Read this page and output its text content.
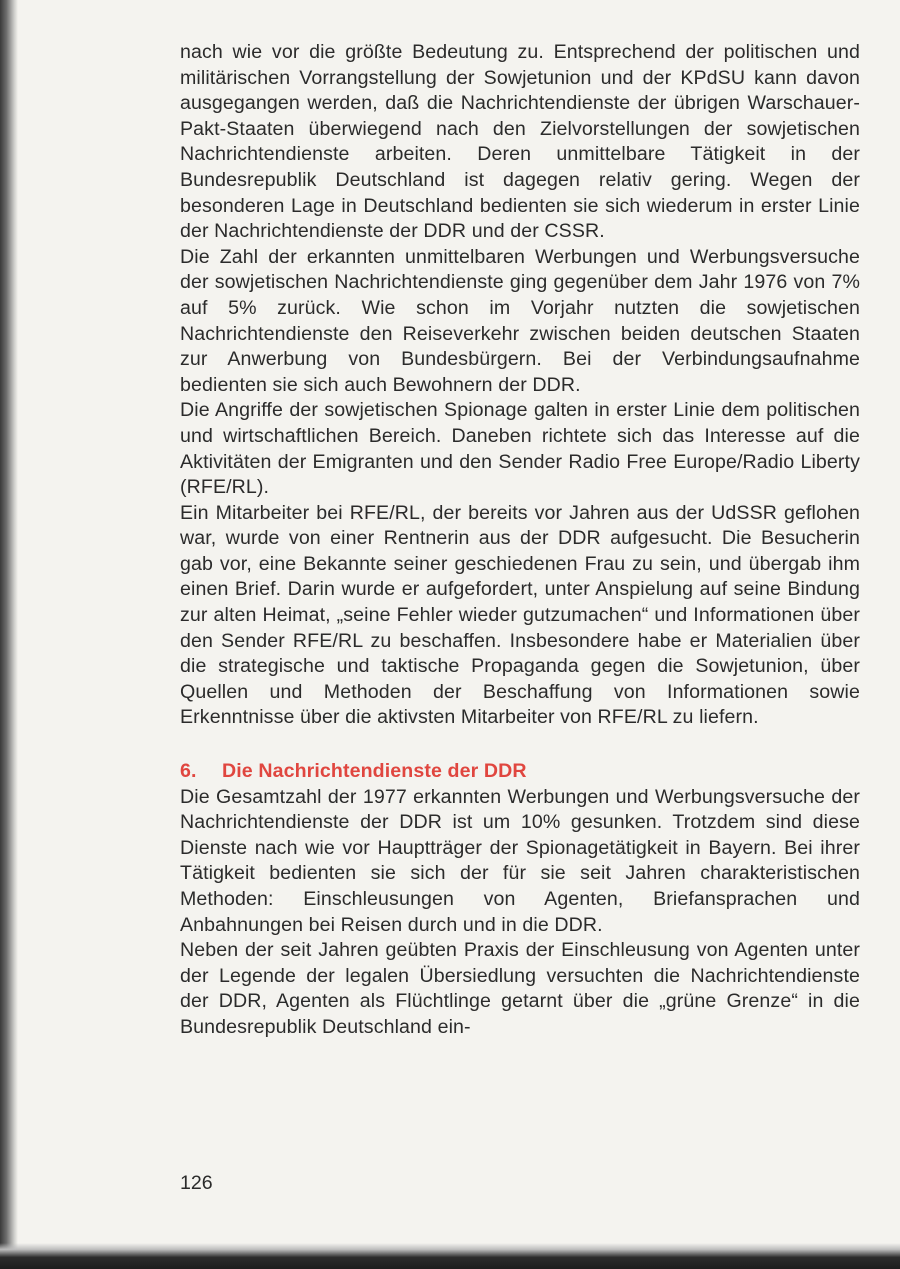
nach wie vor die größte Bedeutung zu. Entsprechend der politischen und militärischen Vorrangstellung der Sowjetunion und der KPdSU kann davon ausgegangen werden, daß die Nachrichtendienste der übrigen Warschauer-Pakt-Staaten überwiegend nach den Zielvorstellungen der sowjetischen Nachrichtendienste arbeiten. Deren unmittelbare Tätigkeit in der Bundesrepublik Deutschland ist dagegen relativ gering. Wegen der besonderen Lage in Deutschland bedienten sie sich wiederum in erster Linie der Nachrichtendienste der DDR und der CSSR.

Die Zahl der erkannten unmittelbaren Werbungen und Werbungsversuche der sowjetischen Nachrichtendienste ging gegenüber dem Jahr 1976 von 7% auf 5% zurück. Wie schon im Vorjahr nutzten die sowjetischen Nachrichtendienste den Reiseverkehr zwischen beiden deutschen Staaten zur Anwerbung von Bundesbürgern. Bei der Verbindungsaufnahme bedienten sie sich auch Bewohnern der DDR.

Die Angriffe der sowjetischen Spionage galten in erster Linie dem politischen und wirtschaftlichen Bereich. Daneben richtete sich das Interesse auf die Aktivitäten der Emigranten und den Sender Radio Free Europe/Radio Liberty (RFE/RL).

Ein Mitarbeiter bei RFE/RL, der bereits vor Jahren aus der UdSSR geflohen war, wurde von einer Rentnerin aus der DDR aufgesucht. Die Besucherin gab vor, eine Bekannte seiner geschiedenen Frau zu sein, und übergab ihm einen Brief. Darin wurde er aufgefordert, unter Anspielung auf seine Bindung zur alten Heimat, „seine Fehler wieder gutzumachen“ und Informationen über den Sender RFE/RL zu beschaffen. Insbesondere habe er Materialien über die strategische und taktische Propaganda gegen die Sowjetunion, über Quellen und Methoden der Beschaffung von Informationen sowie Erkenntnisse über die aktivsten Mitarbeiter von RFE/RL zu liefern.

6. Die Nachrichtendienste der DDR

Die Gesamtzahl der 1977 erkannten Werbungen und Werbungsversuche der Nachrichtendienste der DDR ist um 10% gesunken. Trotzdem sind diese Dienste nach wie vor Hauptträger der Spionagetätigkeit in Bayern. Bei ihrer Tätigkeit bedienten sie sich der für sie seit Jahren charakteristischen Methoden: Einschleusungen von Agenten, Briefansprachen und Anbahnungen bei Reisen durch und in die DDR.

Neben der seit Jahren geübten Praxis der Einschleusung von Agenten unter der Legende der legalen Übersiedlung versuchten die Nachrichtendienste der DDR, Agenten als Flüchtlinge getarnt über die „grüne Grenze“ in die Bundesrepublik Deutschland ein-

126
